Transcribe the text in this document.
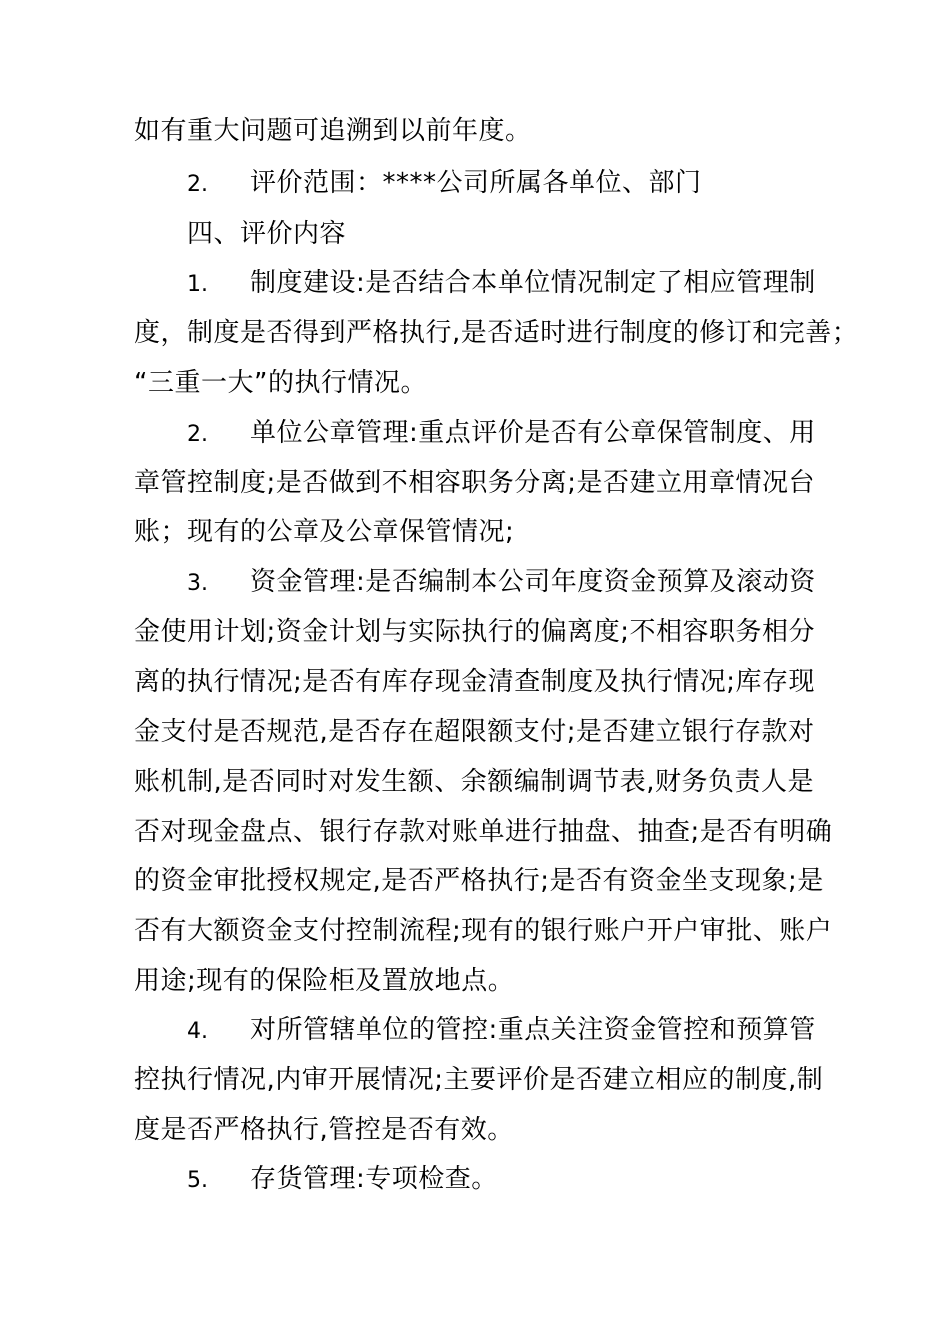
如有重大问题可追溯到以前年度。
2. 评价范围：****公司所属各单位、部门
四、评价内容
1. 制度建设:是否结合本单位情况制定了相应管理制
度，制度是否得到严格执行,是否适时进行制度的修订和完善；
“三重一大”的执行情况。
2. 单位公章管理:重点评价是否有公章保管制度、用
章管控制度;是否做到不相容职务分离;是否建立用章情况台
账；现有的公章及公章保管情况;
3. 资金管理:是否编制本公司年度资金预算及滚动资
金使用计划;资金计划与实际执行的偏离度;不相容职务相分
离的执行情况;是否有库存现金清查制度及执行情况;库存现
金支付是否规范,是否存在超限额支付;是否建立银行存款对
账机制,是否同时对发生额、余额编制调节表,财务负责人是
否对现金盘点、银行存款对账单进行抽盘、抽查;是否有明确
的资金审批授权规定,是否严格执行;是否有资金坐支现象;是
否有大额资金支付控制流程;现有的银行账户开户审批、账户
用途;现有的保险柜及置放地点。
4. 对所管辖单位的管控:重点关注资金管控和预算管
控执行情况,内审开展情况;主要评价是否建立相应的制度,制
度是否严格执行,管控是否有效。
5. 存货管理:专项检查。
